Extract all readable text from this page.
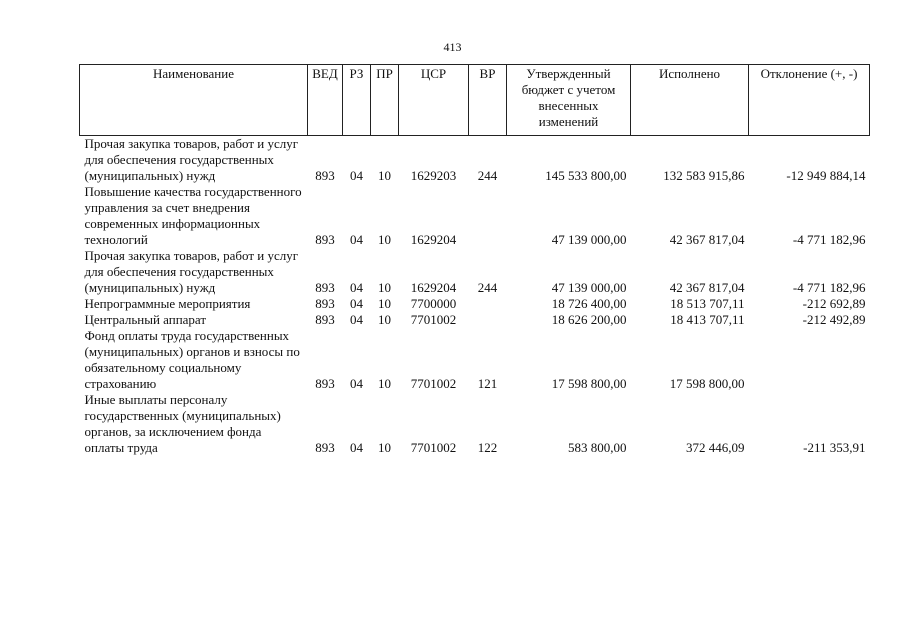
413
Наименование	ВЕД	РЗ	ПР	ЦСР	ВР	Утвержденный бюджет с учетом внесенных изменений	Исполнено	Отклонение (+, -)
Прочая закупка товаров, работ и услуг для обеспечения государственных (муниципальных) нужд	893	04	10	1629203	244	145 533 800,00	132 583 915,86	-12 949 884,14
Повышение качества государственного управления за счет внедрения современных информационных технологий	893	04	10	1629204		47 139 000,00	42 367 817,04	-4 771 182,96
Прочая закупка товаров, работ и услуг для обеспечения государственных (муниципальных) нужд	893	04	10	1629204	244	47 139 000,00	42 367 817,04	-4 771 182,96
Непрограммные мероприятия	893	04	10	7700000		18 726 400,00	18 513 707,11	-212 692,89
Центральный аппарат	893	04	10	7701002		18 626 200,00	18 413 707,11	-212 492,89
Фонд оплаты труда государственных (муниципальных) органов и взносы по обязательному социальному страхованию	893	04	10	7701002	121	17 598 800,00	17 598 800,00	
Иные выплаты персоналу государственных (муниципальных) органов, за исключением фонда оплаты труда	893	04	10	7701002	122	583 800,00	372 446,09	-211 353,91
